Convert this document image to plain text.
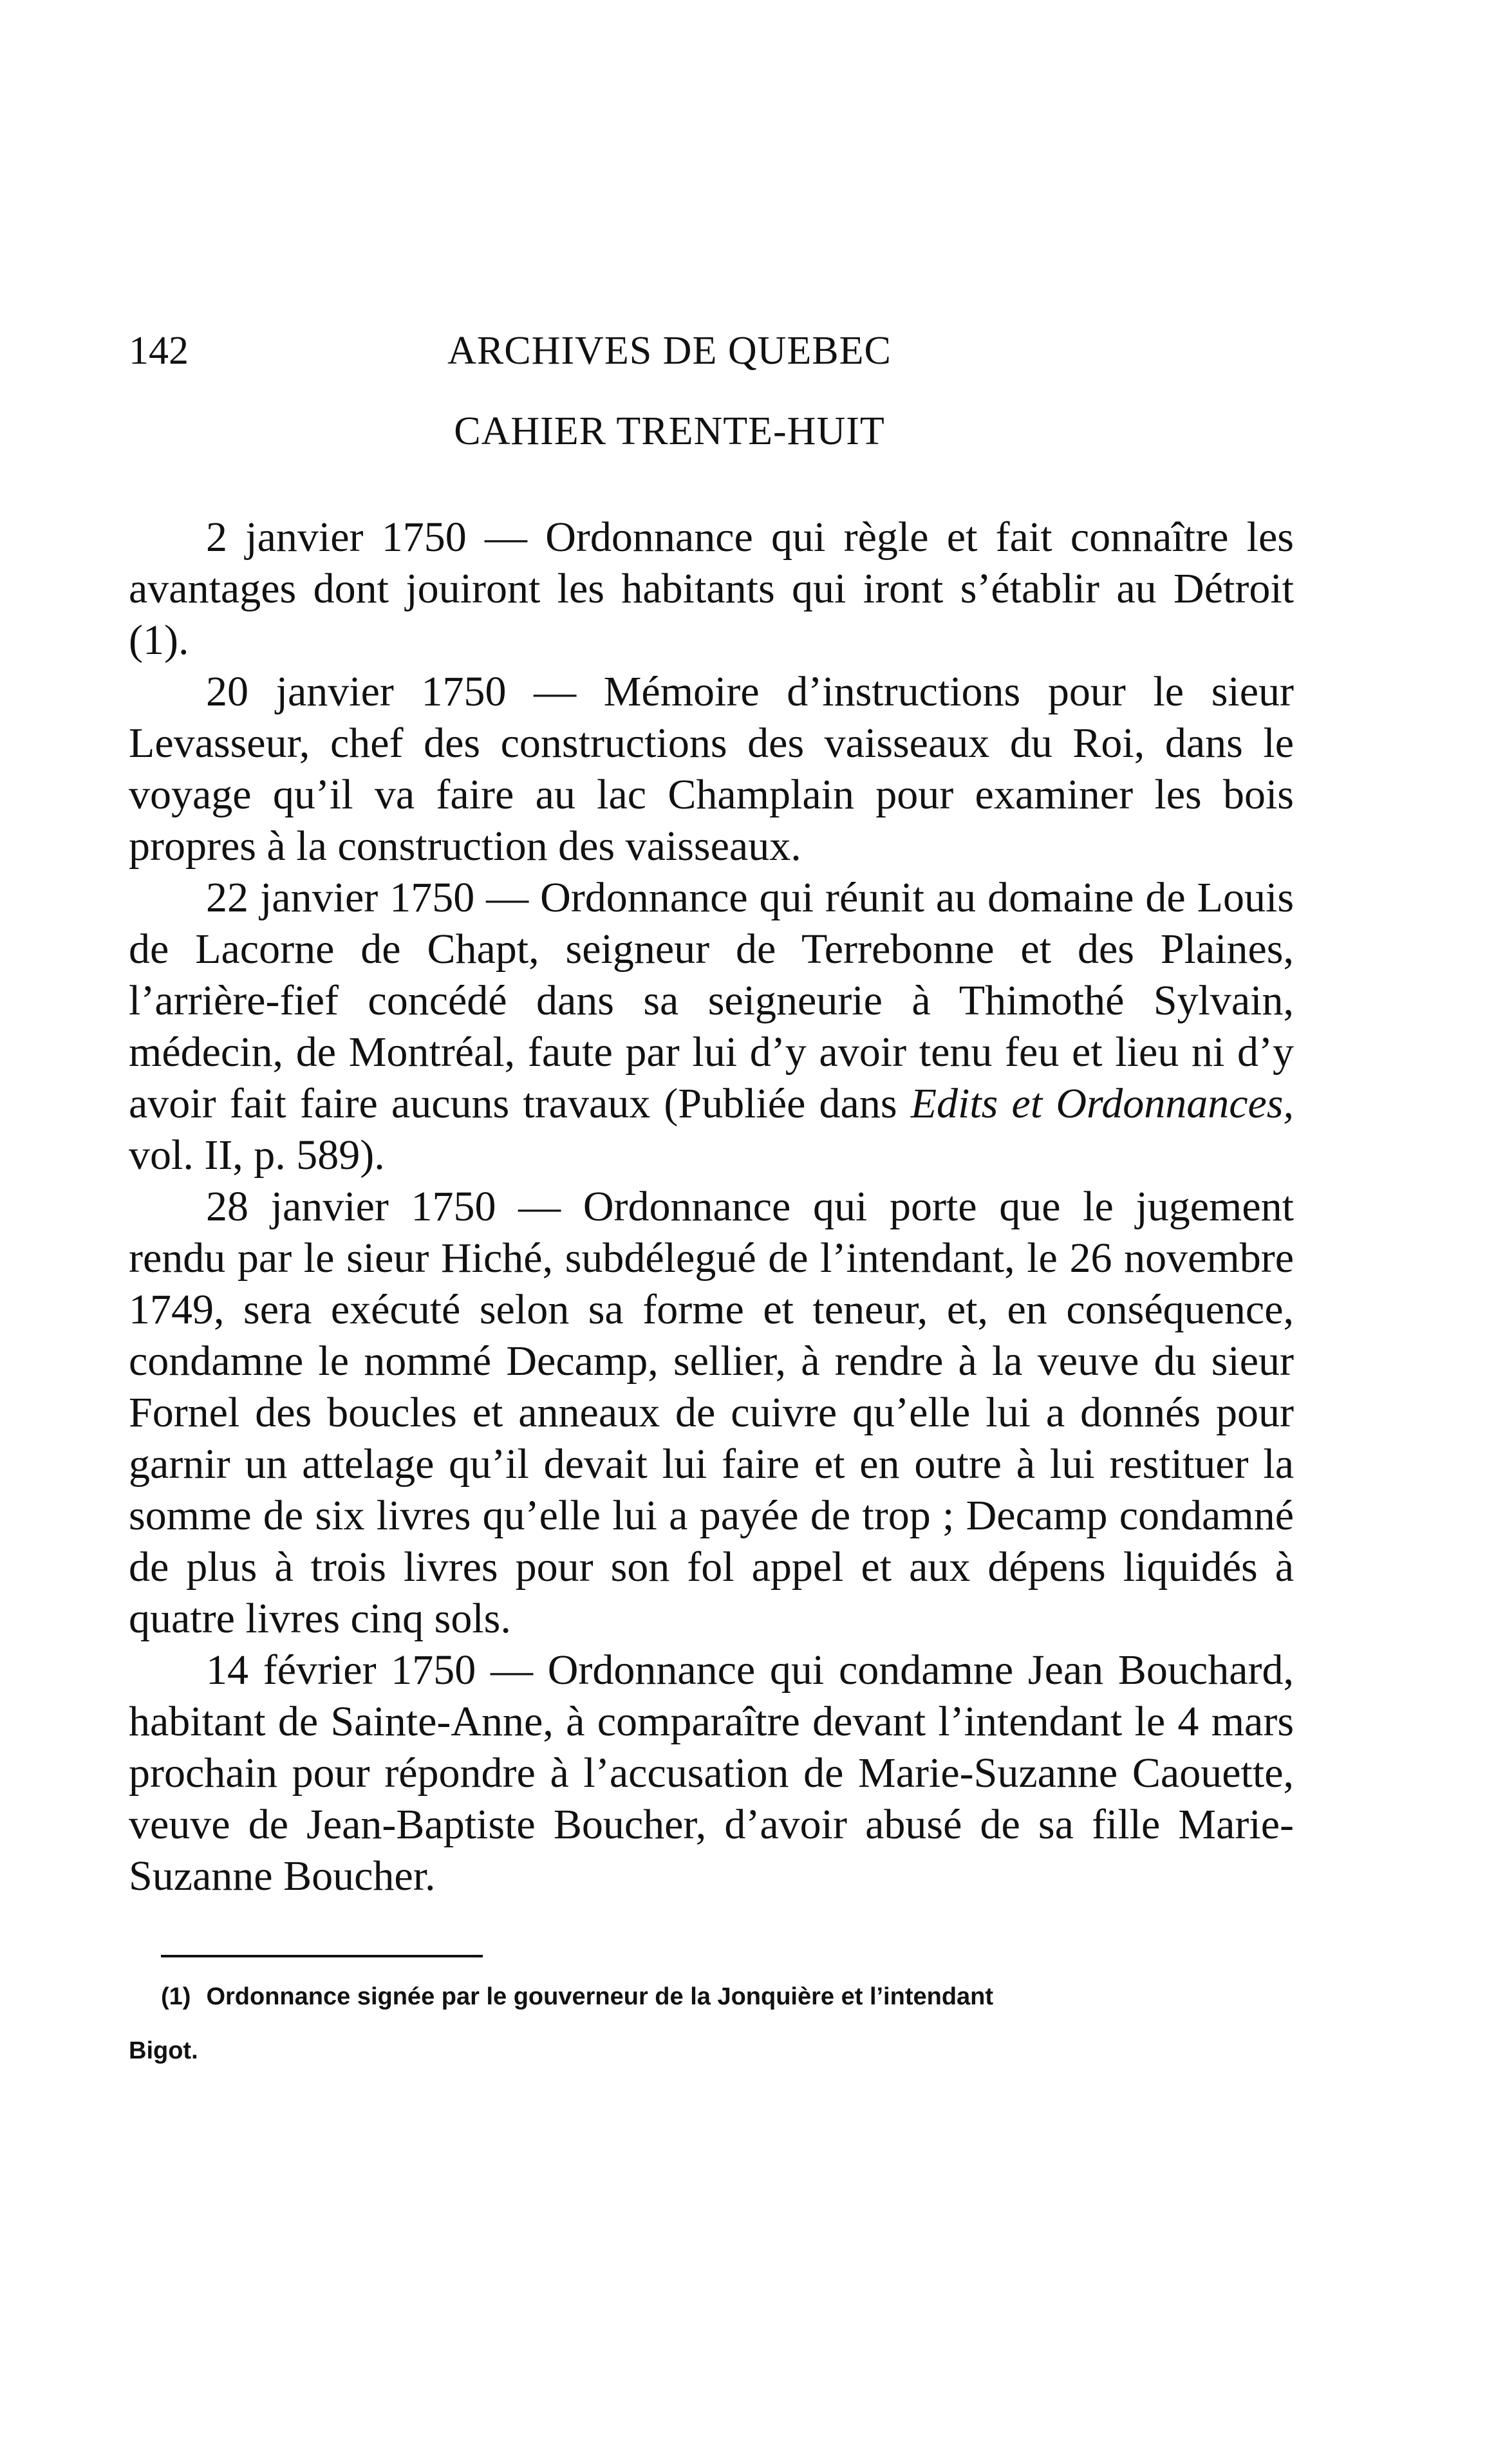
142	ARCHIVES DE QUEBEC
CAHIER TRENTE-HUIT

2 janvier 1750 — Ordonnance qui règle et fait connaître les avantages dont jouiront les habitants qui iront s’établir au Détroit (1).

20 janvier 1750 — Mémoire d’instructions pour le sieur Levasseur, chef des constructions des vaisseaux du Roi, dans le voyage qu’il va faire au lac Champlain pour examiner les bois propres à la construction des vaisseaux.

22 janvier 1750 — Ordonnance qui réunit au domaine de Louis de Lacorne de Chapt, seigneur de Terrebonne et des Plaines, l’arrière-fief concédé dans sa seigneurie à Thimothé Sylvain, médecin, de Montréal, faute par lui d’y avoir tenu feu et lieu ni d’y avoir fait faire aucuns travaux (Publiée dans Edits et Ordonnances, vol. II, p. 589).

28 janvier 1750 — Ordonnance qui porte que le jugement rendu par le sieur Hiché, subdélegué de l’intendant, le 26 novembre 1749, sera exécuté selon sa forme et teneur, et, en conséquence, condamne le nommé Decamp, sellier, à rendre à la veuve du sieur Fornel des boucles et anneaux de cuivre qu’elle lui a donnés pour garnir un attelage qu’il devait lui faire et en outre à lui restituer la somme de six livres qu’elle lui a payée de trop ; Decamp condamné de plus à trois livres pour son fol appel et aux dépens liquidés à quatre livres cinq sols.

14 février 1750 — Ordonnance qui condamne Jean Bouchard, habitant de Sainte-Anne, à comparaître devant l’intendant le 4 mars prochain pour répondre à l’accusation de Marie-Suzanne Caouette, veuve de Jean-Baptiste Boucher, d’avoir abusé de sa fille Marie-Suzanne Boucher.

(1) Ordonnance signée par le gouverneur de la Jonquière et l’intendant
Bigot.
